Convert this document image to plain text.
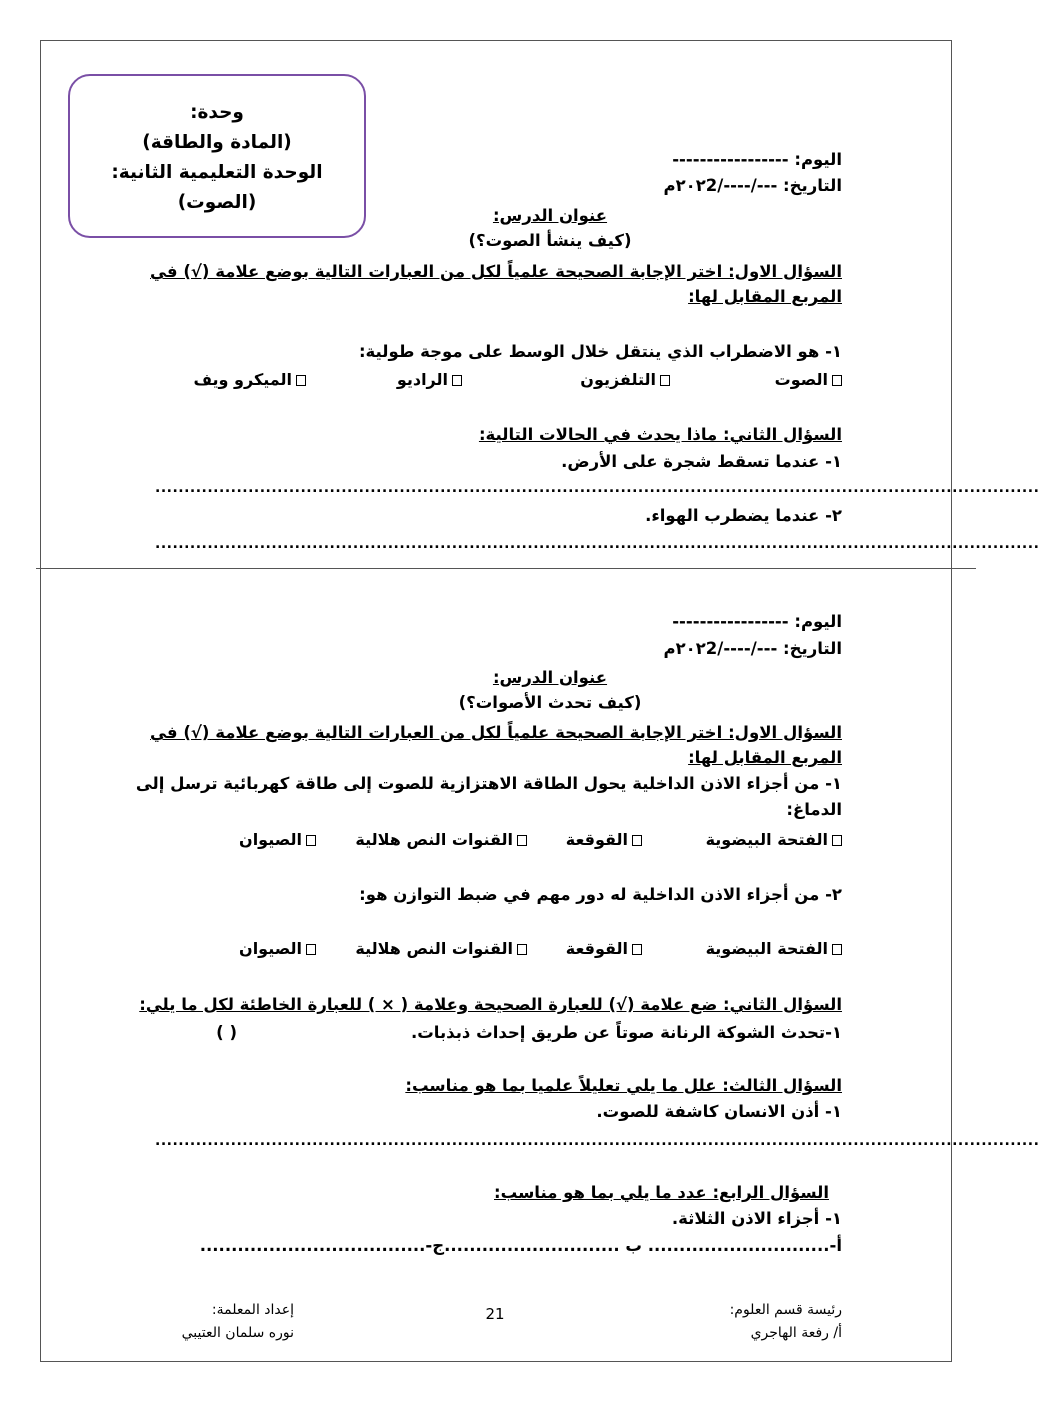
وحدة:
(المادة والطاقة)
الوحدة التعليمية الثانية:
(الصوت)
اليوم: -----------------
التاريخ: ---/----/٢٠٢2م
عنوان الدرس:
(كيف ينشأ الصوت؟)
السؤال الاول: اختر الإجابة الصحيحة علمياً لكل من العبارات التالية بوضع علامة (√) في
المربع المقابل لها:
١- هو الاضطراب الذي ينتقل خلال الوسط على موجة طولية:
الصوت
التلفزيون
الراديو
الميكرو ويف
السؤال الثاني: ماذا يحدث في الحالات التالية:
١- عندما تسقط شجرة على الأرض.
........................................................................................................................................................
٢- عندما يضطرب الهواء.
........................................................................................................................................................
اليوم: -----------------
التاريخ: ---/----/٢٠٢2م
عنوان الدرس:
(كيف تحدث الأصوات؟)
السؤال الاول: اختر الإجابة الصحيحة علمياً لكل من العبارات التالية بوضع علامة (√) في
المربع المقابل لها:
١- من أجزاء الاذن الداخلية يحول الطاقة الاهتزازية للصوت إلى طاقة كهربائية ترسل إلى
الدماغ:
الفتحة البيضوية
القوقعة
القنوات النص هلالية
الصيوان
٢- من أجزاء الاذن الداخلية له دور مهم في ضبط التوازن هو:
الفتحة البيضوية
القوقعة
القنوات النص هلالية
الصيوان
السؤال الثاني: ضع علامة (√) للعبارة الصحيحة وعلامة ( × ) للعبارة الخاطئة لكل ما يلي:
١-تحدث الشوكة الرنانة صوتاً عن طريق إحداث ذبذبات.
( )
السؤال الثالث: علل ما يلي تعليلاً علميا بما هو مناسب:
١- أذن الانسان كاشفة للصوت.
........................................................................................................................................................
السؤال الرابع: عدد ما يلي بما هو مناسب:
١- أجزاء الاذن الثلاثة.
أ-............................. ب ............................ج-....................................
رئيسة قسم العلوم:
أ/ رفعة الهاجري
21
إعداد المعلمة:
نوره سلمان العتيبي
